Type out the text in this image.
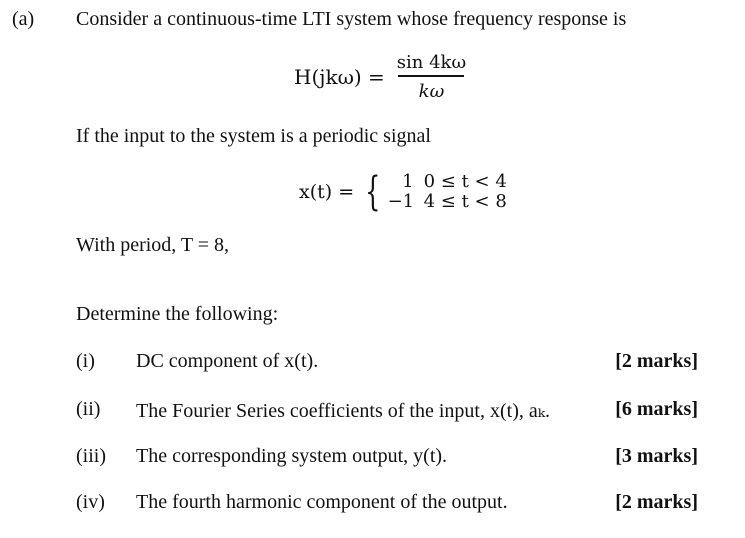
(a) Consider a continuous-time LTI system whose frequency response is
$H(jk\omega) = \frac{\sin 4k\omega}{k\omega}$
If the input to the system is a periodic signal
x(t) = {	1 0 ≤ t < 4
−1 4 ≤ t < 8
With period, T = 8,
Determine the following:
(i) DC component of x(t).	[2 marks]
(ii) The Fourier Series coefficients of the input, x(t), aₖ.	[6 marks]
(iii) The corresponding system output, y(t).	[3 marks]
(iv) The fourth harmonic component of the output.	[2 marks]
